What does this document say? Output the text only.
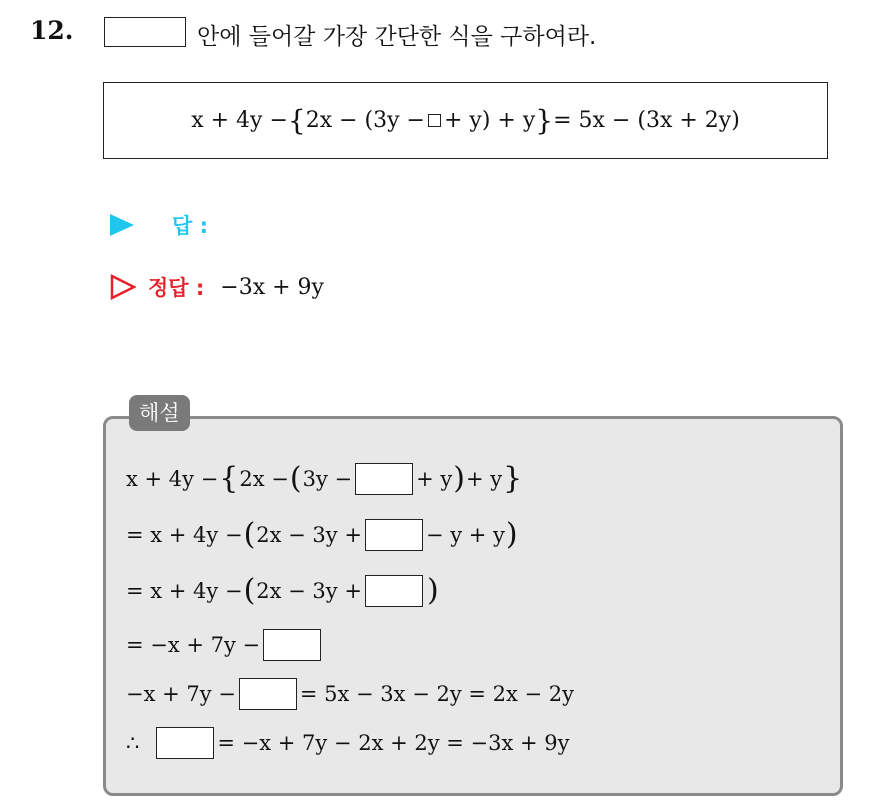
12.	안에 들어갈 가장 간단한 식을 구하여라.
x + 4y − { 2x − (3y − + y) + y } = 5x − (3x + 2y)
답 :
정답 : −3x + 9y
해설
x + 4y − { 2x − ( 3y −	+ y ) + y }
= x + 4y − ( 2x − 3y +	− y + y )
= x + 4y − ( 2x − 3y + )
= −x + 7y −
−x + 7y −	= 5x − 3x − 2y = 2x − 2y
∴	= −x + 7y − 2x + 2y = −3x + 9y
